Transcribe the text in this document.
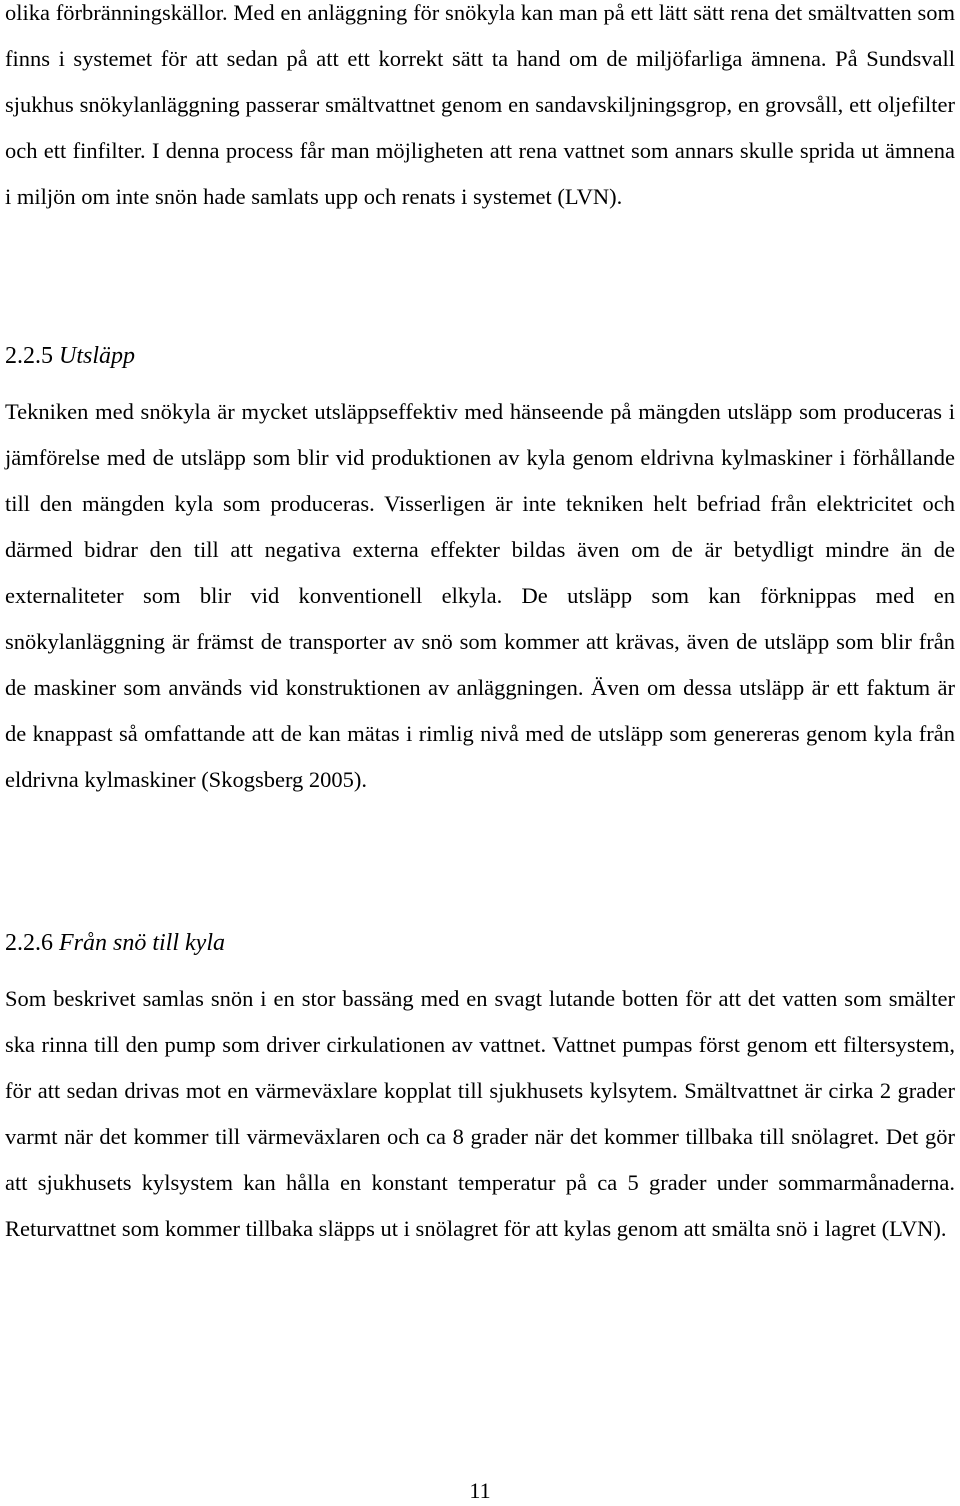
olika förbränningskällor. Med en anläggning för snökyla kan man på ett lätt sätt rena det smältvatten som finns i systemet för att sedan på att ett korrekt sätt ta hand om de miljöfarliga ämnena. På Sundsvall sjukhus snökylanläggning passerar smältvattnet genom en sandavskiljningsgrop, en grovsåll, ett oljefilter och ett finfilter. I denna process får man möjligheten att rena vattnet som annars skulle sprida ut ämnena i miljön om inte snön hade samlats upp och renats i systemet (LVN).

2.2.5 Utsläpp

Tekniken med snökyla är mycket utsläppseffektiv med hänseende på mängden utsläpp som produceras i jämförelse med de utsläpp som blir vid produktionen av kyla genom eldrivna kylmaskiner i förhållande till den mängden kyla som produceras. Visserligen är inte tekniken helt befriad från elektricitet och därmed bidrar den till att negativa externa effekter bildas även om de är betydligt mindre än de externaliteter som blir vid konventionell elkyla. De utsläpp som kan förknippas med en snökylanläggning är främst de transporter av snö som kommer att krävas, även de utsläpp som blir från de maskiner som används vid konstruktionen av anläggningen. Även om dessa utsläpp är ett faktum är de knappast så omfattande att de kan mätas i rimlig nivå med de utsläpp som genereras genom kyla från eldrivna kylmaskiner (Skogsberg 2005).

2.2.6 Från snö till kyla

Som beskrivet samlas snön i en stor bassäng med en svagt lutande botten för att det vatten som smälter ska rinna till den pump som driver cirkulationen av vattnet. Vattnet pumpas först genom ett filtersystem, för att sedan drivas mot en värmeväxlare kopplat till sjukhusets kylsytem. Smältvattnet är cirka 2 grader varmt när det kommer till värmeväxlaren och ca 8 grader när det kommer tillbaka till snölagret. Det gör att sjukhusets kylsystem kan hålla en konstant temperatur på ca 5 grader under sommarmånaderna. Returvattnet som kommer tillbaka släpps ut i snölagret för att kylas genom att smälta snö i lagret (LVN).

11
